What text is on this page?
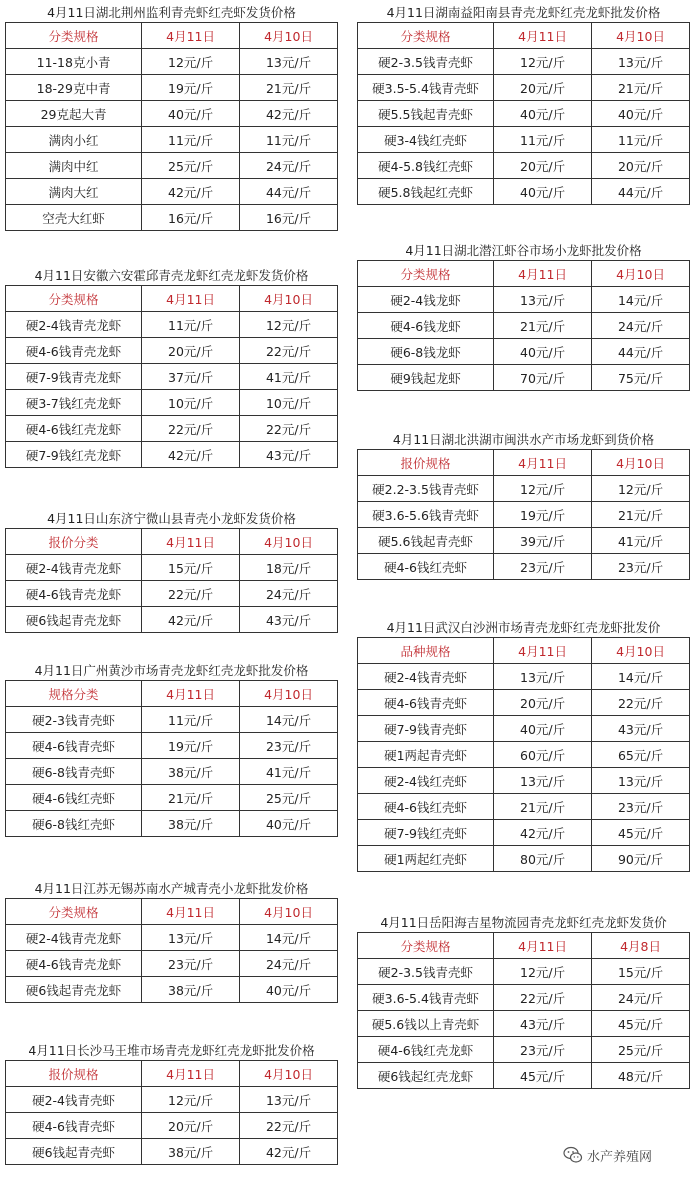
4月11日湖北荆州监利青壳虾红壳虾发货价格
分类规格	4月11日	4月10日
11-18克小青	12元/斤	13元/斤
18-29克中青	19元/斤	21元/斤
29克起大青	40元/斤	42元/斤
满肉小红	11元/斤	11元/斤
满肉中红	25元/斤	24元/斤
满肉大红	42元/斤	44元/斤
空壳大红虾	16元/斤	16元/斤
4月11日安徽六安霍邱青壳龙虾红壳龙虾发货价格
分类规格	4月11日	4月10日
硬2-4钱青壳龙虾	11元/斤	12元/斤
硬4-6钱青壳龙虾	20元/斤	22元/斤
硬7-9钱青壳龙虾	37元/斤	41元/斤
硬3-7钱红壳龙虾	10元/斤	10元/斤
硬4-6钱红壳龙虾	22元/斤	22元/斤
硬7-9钱红壳龙虾	42元/斤	43元/斤
4月11日山东济宁微山县青壳小龙虾发货价格
报价分类	4月11日	4月10日
硬2-4钱青壳龙虾	15元/斤	18元/斤
硬4-6钱青壳龙虾	22元/斤	24元/斤
硬6钱起青壳龙虾	42元/斤	43元/斤
4月11日广州黄沙市场青壳龙虾红壳龙虾批发价格
规格分类	4月11日	4月10日
硬2-3钱青壳虾	11元/斤	14元/斤
硬4-6钱青壳虾	19元/斤	23元/斤
硬6-8钱青壳虾	38元/斤	41元/斤
硬4-6钱红壳虾	21元/斤	25元/斤
硬6-8钱红壳虾	38元/斤	40元/斤
4月11日江苏无锡苏南水产城青壳小龙虾批发价格
分类规格	4月11日	4月10日
硬2-4钱青壳龙虾	13元/斤	14元/斤
硬4-6钱青壳龙虾	23元/斤	24元/斤
硬6钱起青壳龙虾	38元/斤	40元/斤
4月11日长沙马王堆市场青壳龙虾红壳龙虾批发价格
报价规格	4月11日	4月10日
硬2-4钱青壳虾	12元/斤	13元/斤
硬4-6钱青壳虾	20元/斤	22元/斤
硬6钱起青壳虾	38元/斤	42元/斤
4月11日湖南益阳南县青壳龙虾红壳龙虾批发价格
分类规格	4月11日	4月10日
硬2-3.5钱青壳虾	12元/斤	13元/斤
硬3.5-5.4钱青壳虾	20元/斤	21元/斤
硬5.5钱起青壳虾	40元/斤	40元/斤
硬3-4钱红壳虾	11元/斤	11元/斤
硬4-5.8钱红壳虾	20元/斤	20元/斤
硬5.8钱起红壳虾	40元/斤	44元/斤
4月11日湖北潜江虾谷市场小龙虾批发价格
分类规格	4月11日	4月10日
硬2-4钱龙虾	13元/斤	14元/斤
硬4-6钱龙虾	21元/斤	24元/斤
硬6-8钱龙虾	40元/斤	44元/斤
硬9钱起龙虾	70元/斤	75元/斤
4月11日湖北洪湖市闽洪水产市场龙虾到货价格
报价规格	4月11日	4月10日
硬2.2-3.5钱青壳虾	12元/斤	12元/斤
硬3.6-5.6钱青壳虾	19元/斤	21元/斤
硬5.6钱起青壳虾	39元/斤	41元/斤
硬4-6钱红壳虾	23元/斤	23元/斤
4月11日武汉白沙洲市场青壳龙虾红壳龙虾批发价
品种规格	4月11日	4月10日
硬2-4钱青壳虾	13元/斤	14元/斤
硬4-6钱青壳虾	20元/斤	22元/斤
硬7-9钱青壳虾	40元/斤	43元/斤
硬1两起青壳虾	60元/斤	65元/斤
硬2-4钱红壳虾	13元/斤	13元/斤
硬4-6钱红壳虾	21元/斤	23元/斤
硬7-9钱红壳虾	42元/斤	45元/斤
硬1两起红壳虾	80元/斤	90元/斤
4月11日岳阳海吉星物流园青壳龙虾红壳龙虾发货价
分类规格	4月11日	4月8日
硬2-3.5钱青壳虾	12元/斤	15元/斤
硬3.6-5.4钱青壳虾	22元/斤	24元/斤
硬5.6钱以上青壳虾	43元/斤	45元/斤
硬4-6钱红壳龙虾	23元/斤	25元/斤
硬6钱起红壳龙虾	45元/斤	48元/斤
水产养殖网
